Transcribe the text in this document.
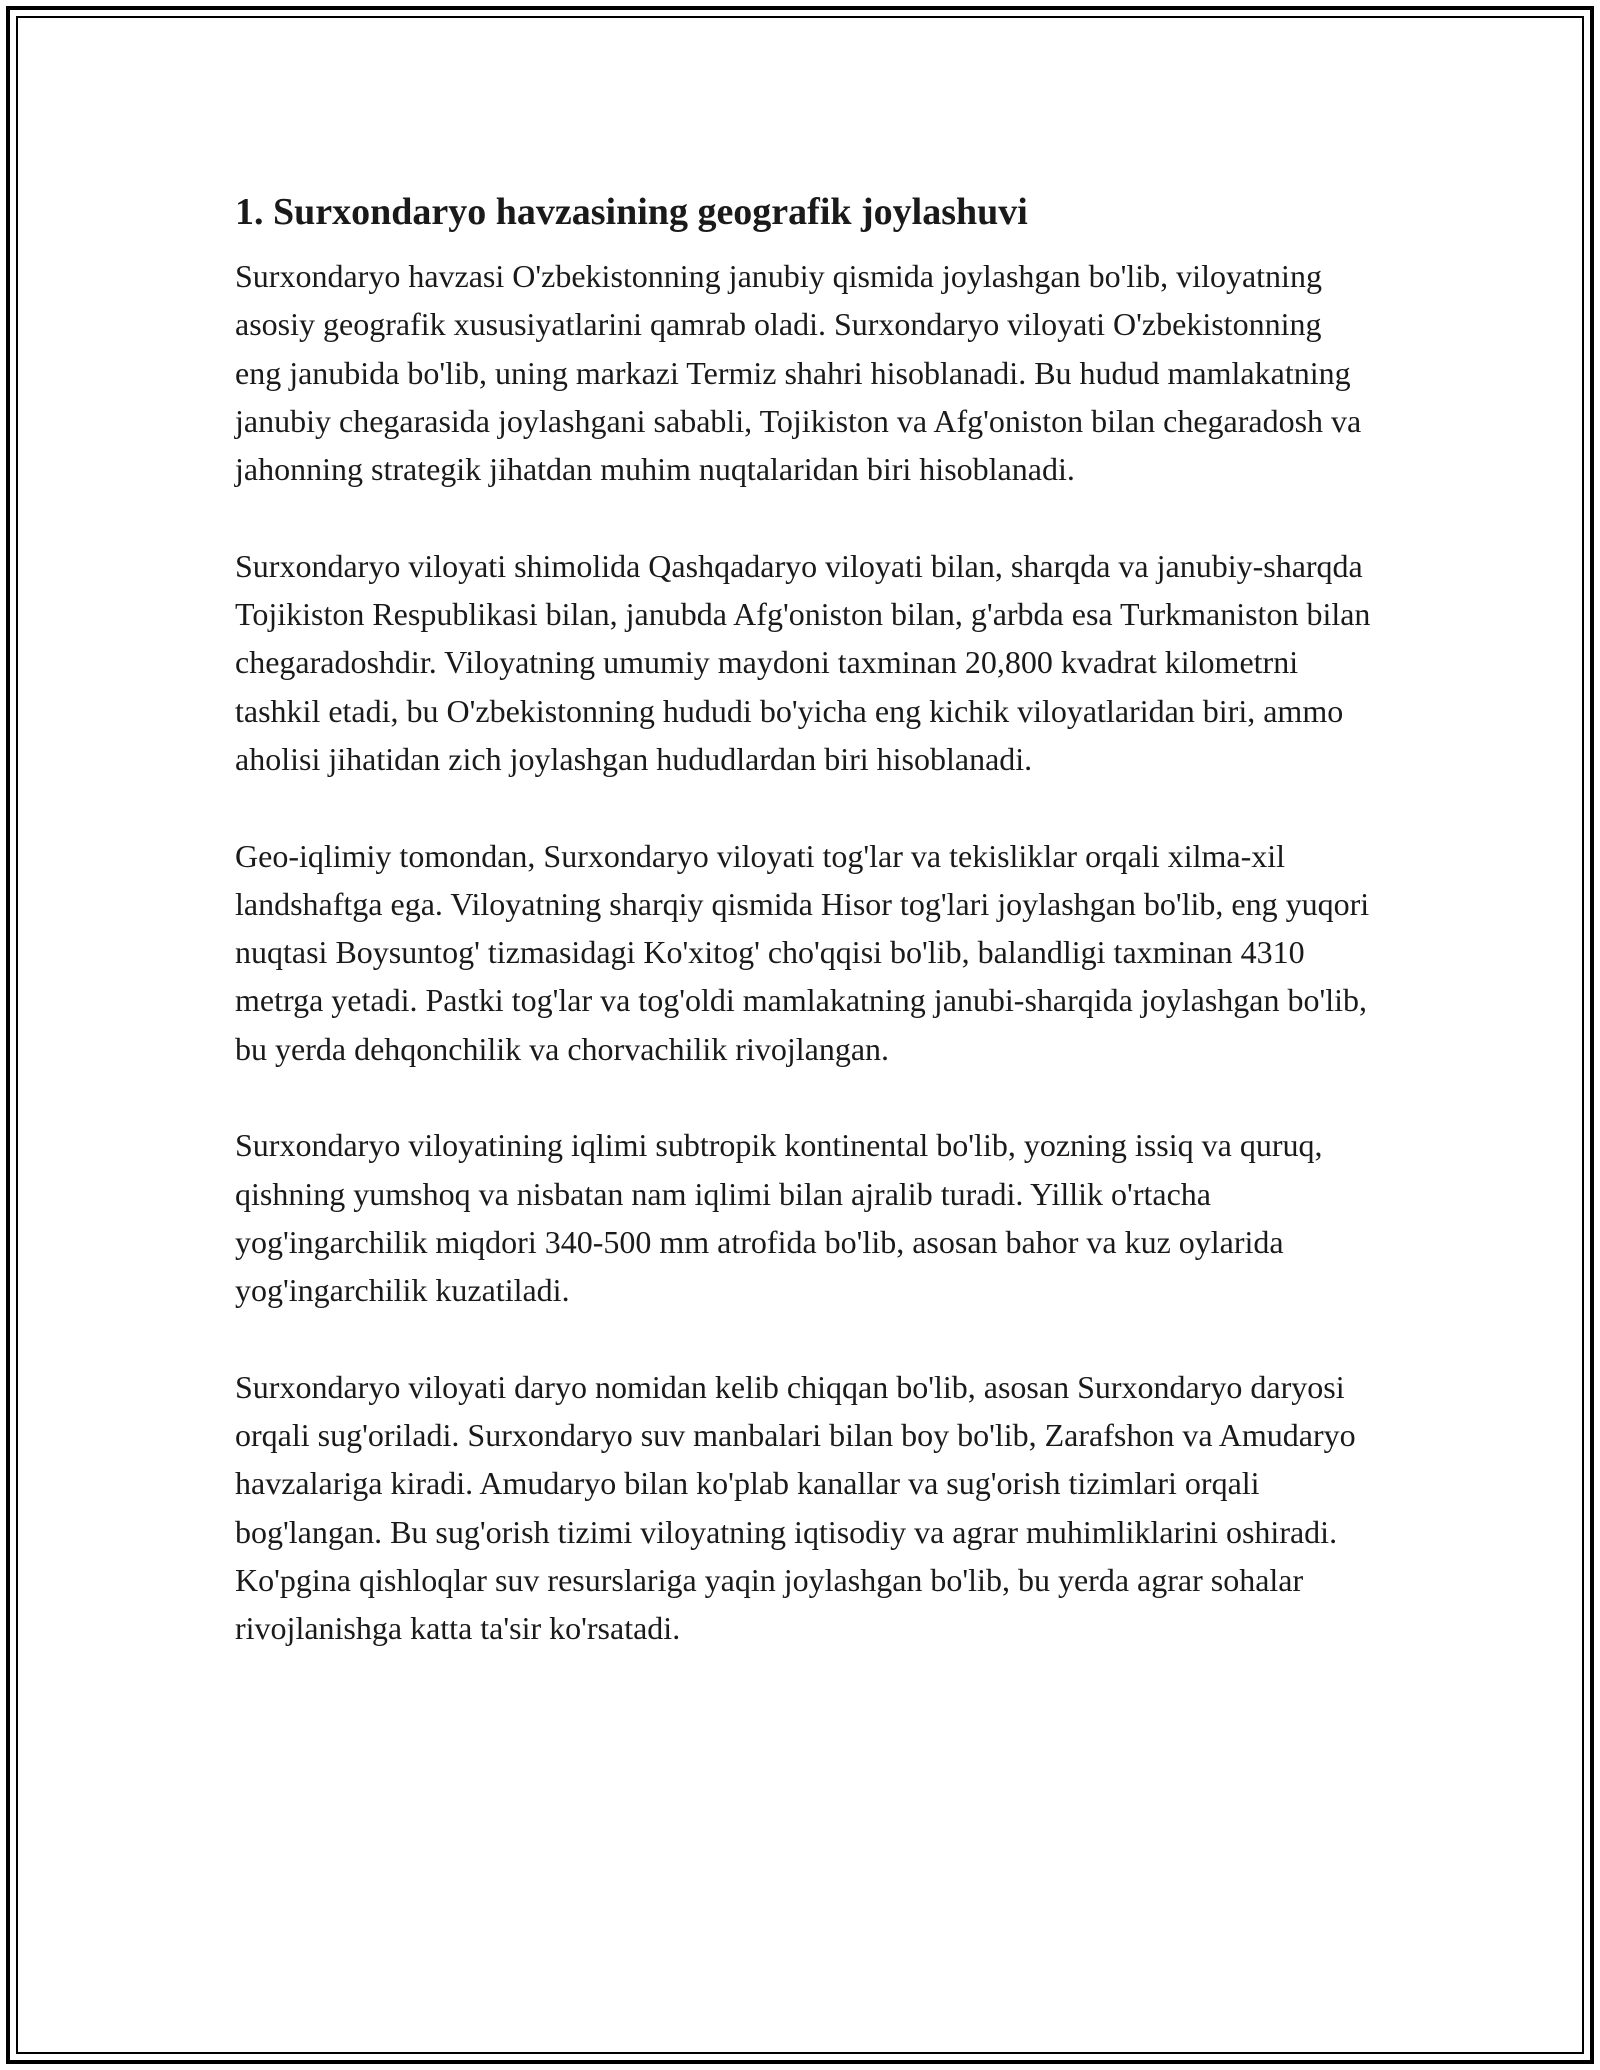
1. Surxondaryo havzasining geografik joylashuvi

Surxondaryo havzasi O'zbekistonning janubiy qismida joylashgan bo'lib, viloyatning asosiy geografik xususiyatlarini qamrab oladi. Surxondaryo viloyati O'zbekistonning eng janubida bo'lib, uning markazi Termiz shahri hisoblanadi. Bu hudud mamlakatning janubiy chegarasida joylashgani sababli, Tojikiston va Afg'oniston bilan chegaradosh va jahonning strategik jihatdan muhim nuqtalaridan biri hisoblanadi.

Surxondaryo viloyati shimolida Qashqadaryo viloyati bilan, sharqda va janubiy-sharqda Tojikiston Respublikasi bilan, janubda Afg'oniston bilan, g'arbda esa Turkmaniston bilan chegaradoshdir. Viloyatning umumiy maydoni taxminan 20,800 kvadrat kilometrni tashkil etadi, bu O'zbekistonning hududi bo'yicha eng kichik viloyatlaridan biri, ammo aholisi jihatidan zich joylashgan hududlardan biri hisoblanadi.

Geo-iqlimiy tomondan, Surxondaryo viloyati tog'lar va tekisliklar orqali xilma-xil landshaftga ega. Viloyatning sharqiy qismida Hisor tog'lari joylashgan bo'lib, eng yuqori nuqtasi Boysuntog' tizmasidagi Ko'xitog' cho'qqisi bo'lib, balandligi taxminan 4310 metrga yetadi. Pastki tog'lar va tog'oldi mamlakatning janubi-sharqida joylashgan bo'lib, bu yerda dehqonchilik va chorvachilik rivojlangan.

Surxondaryo viloyatining iqlimi subtropik kontinental bo'lib, yozning issiq va quruq, qishning yumshoq va nisbatan nam iqlimi bilan ajralib turadi. Yillik o'rtacha yog'ingarchilik miqdori 340-500 mm atrofida bo'lib, asosan bahor va kuz oylarida yog'ingarchilik kuzatiladi.

Surxondaryo viloyati daryo nomidan kelib chiqqan bo'lib, asosan Surxondaryo daryosi orqali sug'oriladi. Surxondaryo suv manbalari bilan boy bo'lib, Zarafshon va Amudaryo havzalariga kiradi. Amudaryo bilan ko'plab kanallar va sug'orish tizimlari orqali bog'langan. Bu sug'orish tizimi viloyatning iqtisodiy va agrar muhimliklarini oshiradi. Ko'pgina qishloqlar suv resurslariga yaqin joylashgan bo'lib, bu yerda agrar sohalar rivojlanishga katta ta'sir ko'rsatadi.
